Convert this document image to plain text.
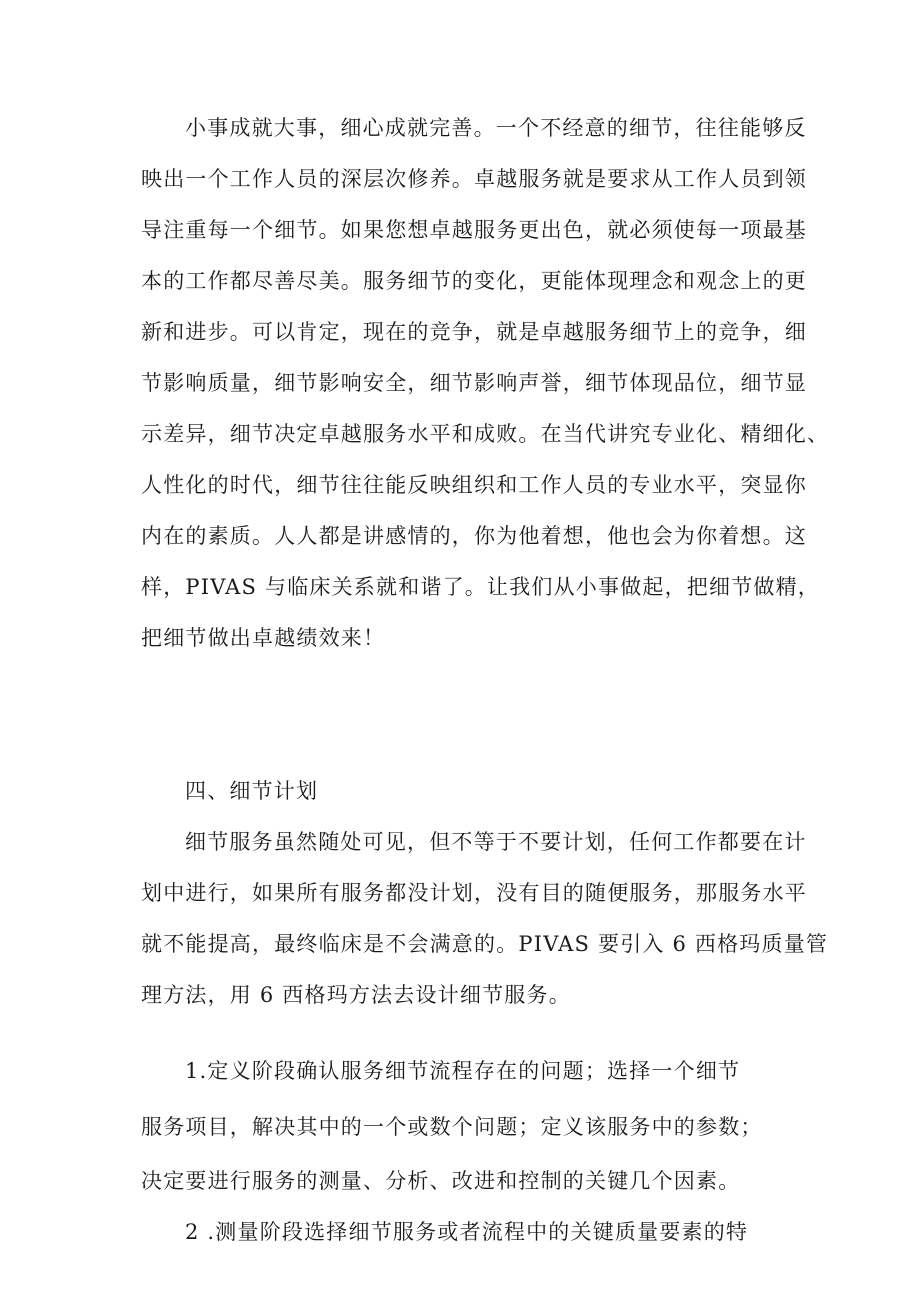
小事成就大事，细心成就完善。一个不经意的细节，往往能够反

映出一个工作人员的深层次修养。卓越服务就是要求从工作人员到领

导注重每一个细节。如果您想卓越服务更出色，就必须使每一项最基

本的工作都尽善尽美。服务细节的变化，更能体现理念和观念上的更

新和进步。可以肯定，现在的竞争，就是卓越服务细节上的竞争，细

节影响质量，细节影响安全，细节影响声誉，细节体现品位，细节显

示差异，细节决定卓越服务水平和成败。在当代讲究专业化、精细化、

人性化的时代，细节往往能反映组织和工作人员的专业水平，突显你

内在的素质。人人都是讲感情的，你为他着想，他也会为你着想。这

样，PIVAS 与临床关系就和谐了。让我们从小事做起，把细节做精，

把细节做出卓越绩效来！

四、细节计划

细节服务虽然随处可见，但不等于不要计划，任何工作都要在计

划中进行，如果所有服务都没计划，没有目的随便服务，那服务水平

就不能提高，最终临床是不会满意的。PIVAS 要引入 6 西格玛质量管

理方法，用 6 西格玛方法去设计细节服务。

1.定义阶段确认服务细节流程存在的问题；选择一个细节

服务项目，解决其中的一个或数个问题；定义该服务中的参数；

决定要进行服务的测量、分析、改进和控制的关键几个因素。

2 .测量阶段选择细节服务或者流程中的关键质量要素的特
